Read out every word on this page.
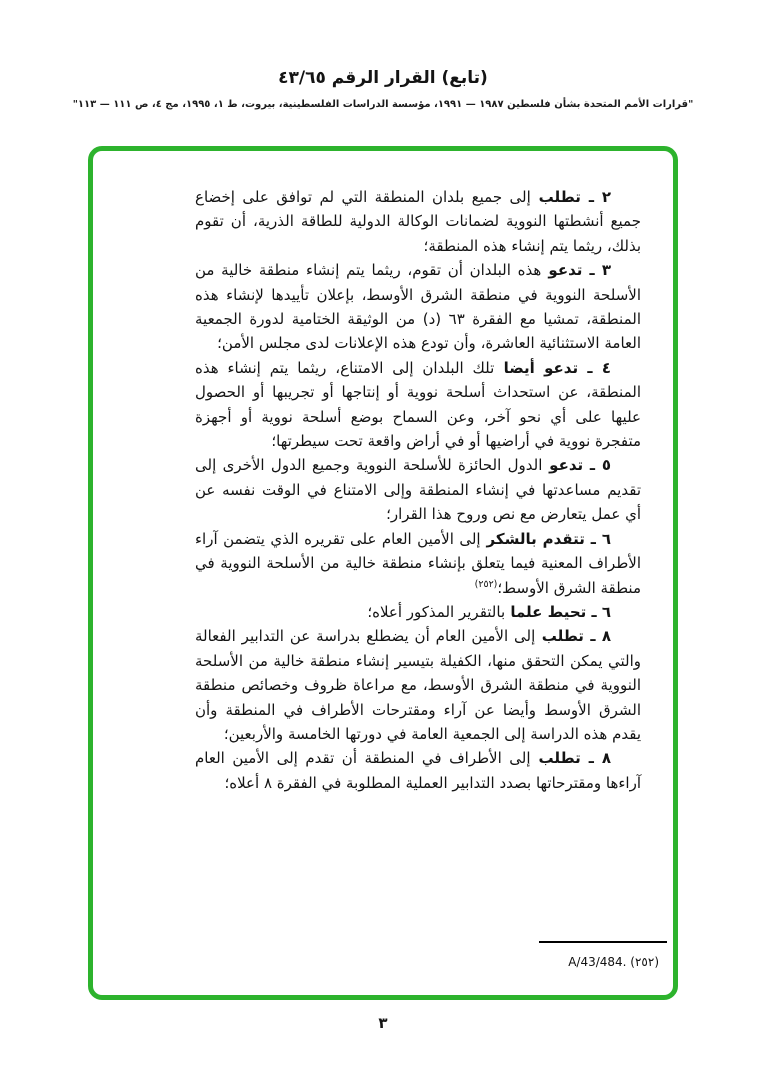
(تابع) القرار الرقم ٤٣/٦٥
"قرارات الأمم المتحدة بشأن فلسطين ١٩٨٧ — ١٩٩١، مؤسسة الدراسات الفلسطينية، بيروت، ط ١، ١٩٩٥، مج ٤، ص ١١١ — ١١٣"

٢ ـ تطلب إلى جميع بلدان المنطقة التي لم توافق على إخضاع جميع أنشطتها النووية لضمانات الوكالة الدولية للطاقة الذرية، أن تقوم بذلك، ريثما يتم إنشاء هذه المنطقة؛

٣ ـ تدعو هذه البلدان أن تقوم، ريثما يتم إنشاء منطقة خالية من الأسلحة النووية في منطقة الشرق الأوسط، بإعلان تأييدها لإنشاء هذه المنطقة، تمشيا مع الفقرة ٦٣ (د) من الوثيقة الختامية لدورة الجمعية العامة الاستثنائية العاشرة، وأن تودع هذه الإعلانات لدى مجلس الأمن؛

٤ ـ تدعو أيضا تلك البلدان إلى الامتناع، ريثما يتم إنشاء هذه المنطقة، عن استحداث أسلحة نووية أو إنتاجها أو تجريبها أو الحصول عليها على أي نحو آخر، وعن السماح بوضع أسلحة نووية أو أجهزة متفجرة نووية في أراضيها أو في أراض واقعة تحت سيطرتها؛

٥ ـ تدعو الدول الحائزة للأسلحة النووية وجميع الدول الأخرى إلى تقديم مساعدتها في إنشاء المنطقة وإلى الامتناع في الوقت نفسه عن أي عمل يتعارض مع نص وروح هذا القرار؛

٦ ـ تتقدم بالشكر إلى الأمين العام على تقريره الذي يتضمن آراء الأطراف المعنية فيما يتعلق بإنشاء منطقة خالية من الأسلحة النووية في منطقة الشرق الأوسط؛$^{(٢٥٢)}$

٦ ـ تحيط علما بالتقرير المذكور أعلاه؛

٨ ـ تطلب إلى الأمين العام أن يضطلع بدراسة عن التدابير الفعالة والتي يمكن التحقق منها، الكفيلة بتيسير إنشاء منطقة خالية من الأسلحة النووية في منطقة الشرق الأوسط، مع مراعاة ظروف وخصائص منطقة الشرق الأوسط وأيضا عن آراء ومقترحات الأطراف في المنطقة وأن يقدم هذه الدراسة إلى الجمعية العامة في دورتها الخامسة والأربعين؛

٨ ـ تطلب إلى الأطراف في المنطقة أن تقدم إلى الأمين العام آراءها ومقترحاتها بصدد التدابير العملية المطلوبة في الفقرة ٨ أعلاه؛

A/43/484. (٢٥٢)
٣
